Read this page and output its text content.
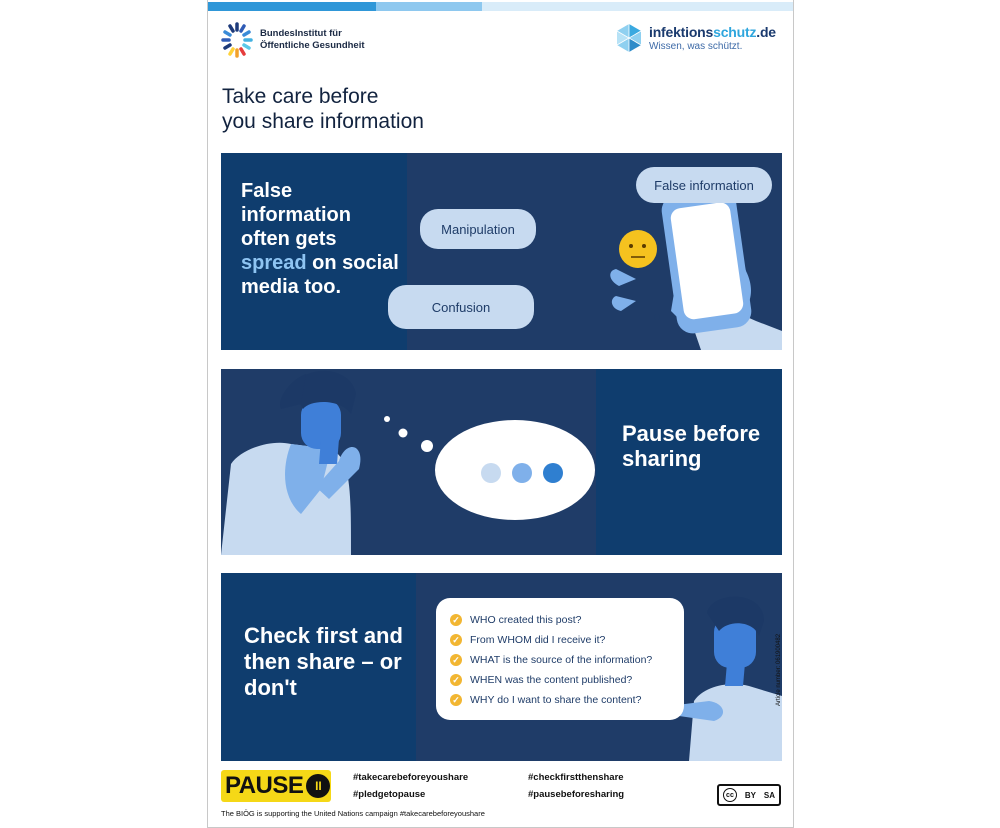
BundesInstitut für
Öffentliche Gesundheit
infektionsschutz.de
Wissen, was schützt.
Take care before
you share information
False information often gets spread on social media too.
False information
Manipulation
Confusion
Pause before sharing
Check first and then share – or don't
✓ WHO created this post?
✓ From WHOM did I receive it?
✓ WHAT is the source of the information?
✓ WHEN was the content published?
✓ WHY do I want to share the content?	Article number: 061900482
PAUSE II
#takecarebeforeyoushare
#pledgetopause
#checkfirstthenshare
#pausebeforesharing	cc	BY SA
The BIÖG is supporting the United Nations campaign #takecarebeforeyoushare
